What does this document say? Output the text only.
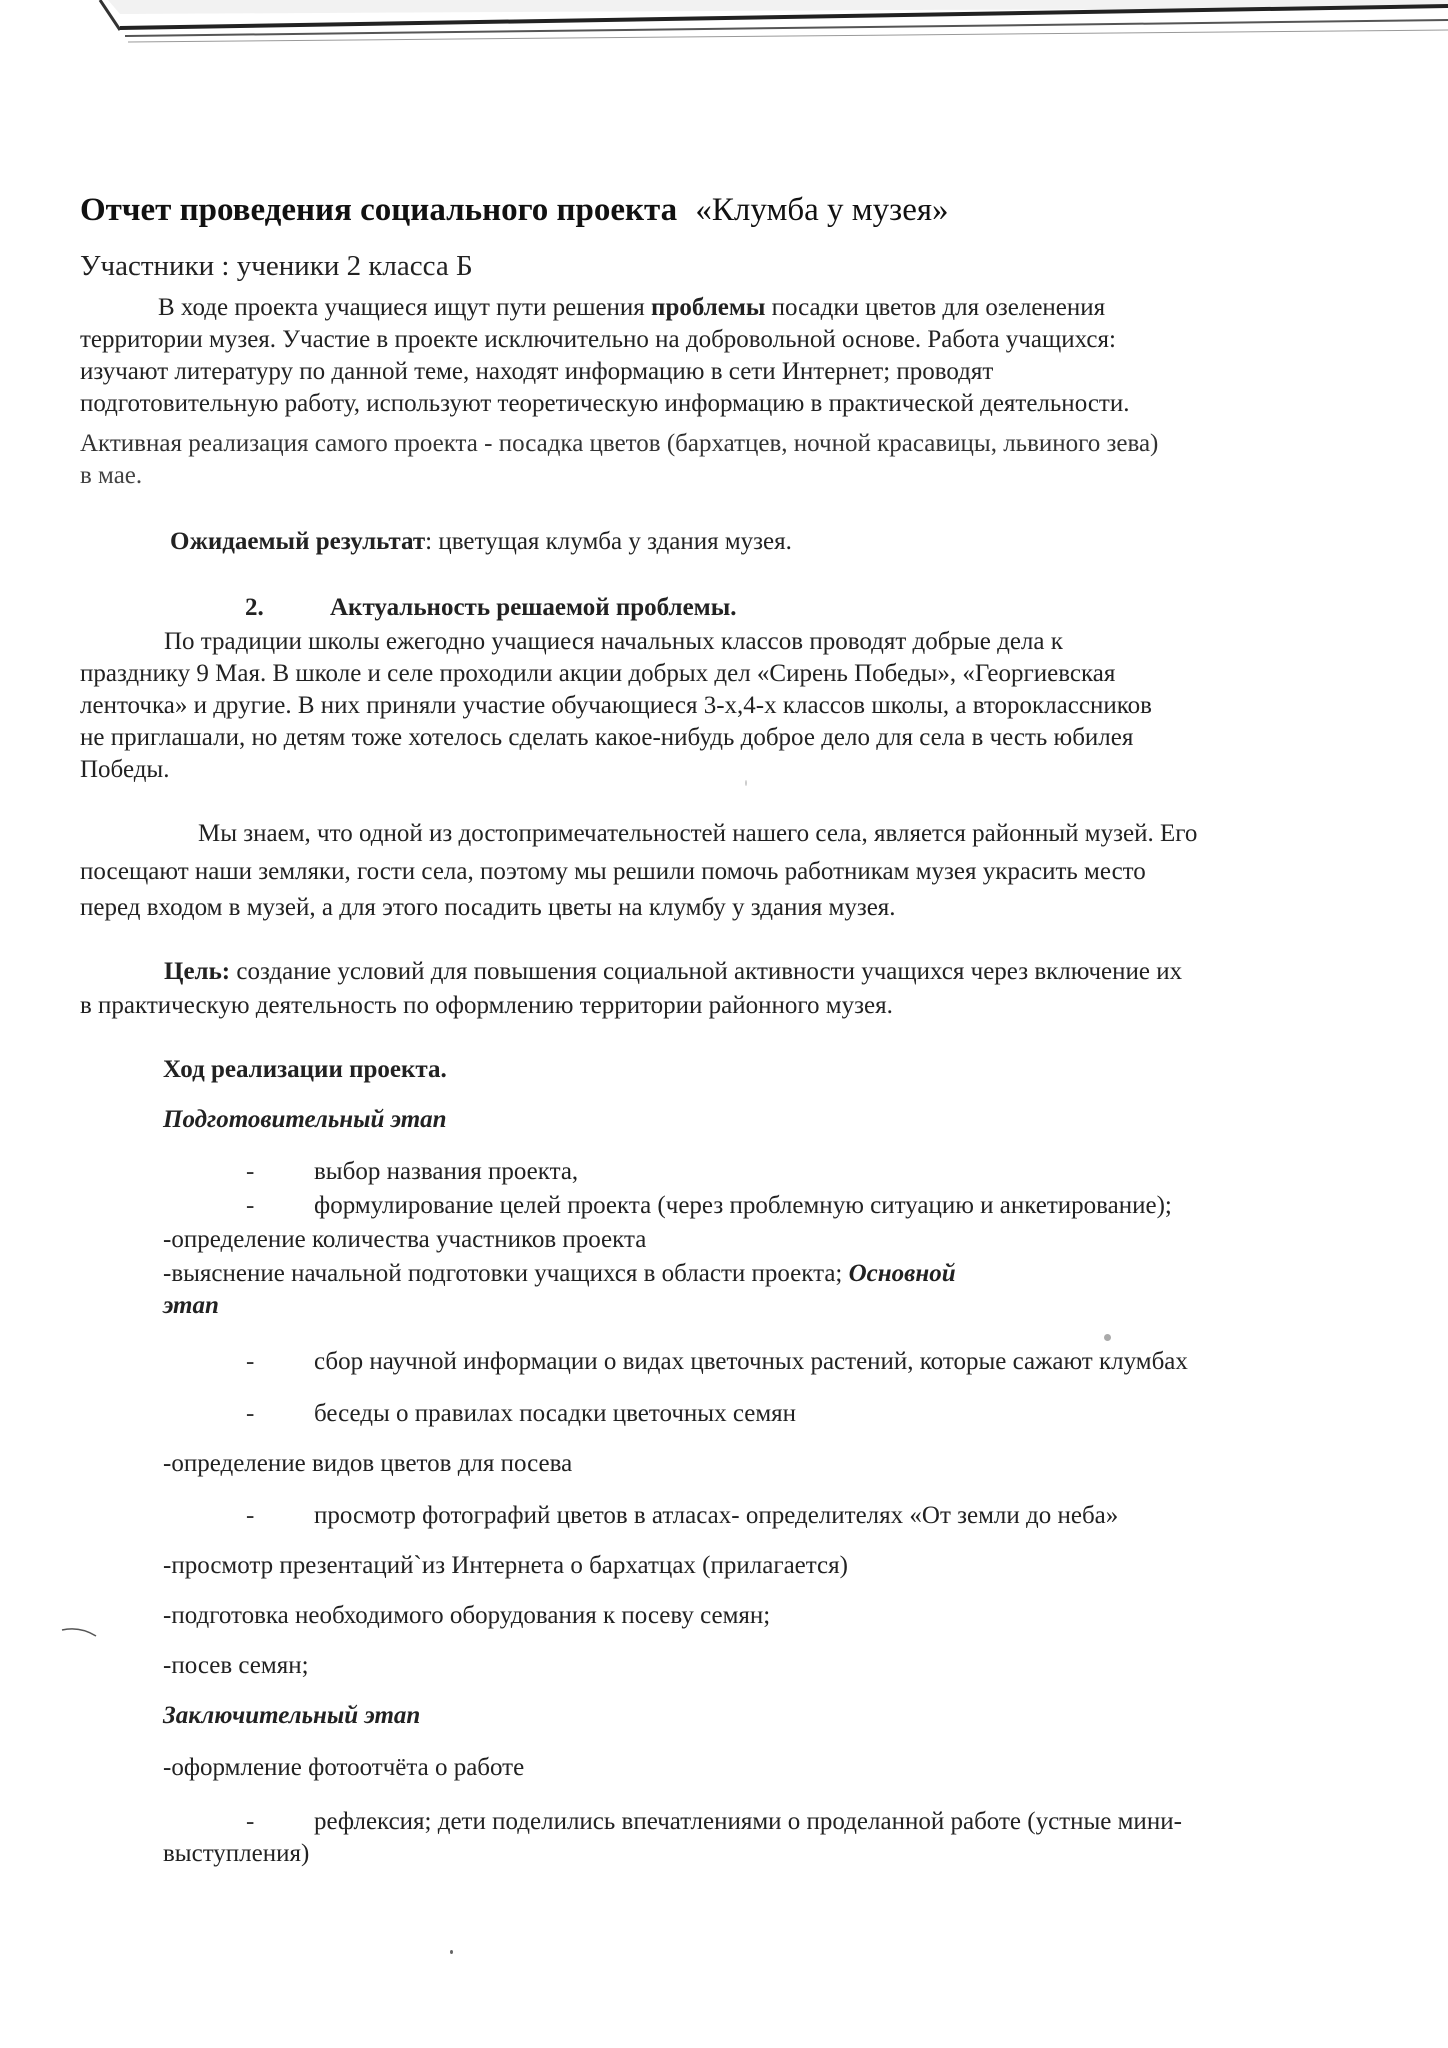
Отчет проведения социального проекта «Клумба у музея»
Участники : ученики 2 класса Б
В ходе проекта учащиеся ищут пути решения проблемы посадки цветов для озеленения
территории музея. Участие в проекте исключительно на добровольной основе. Работа учащихся:
изучают литературу по данной теме, находят информацию в сети Интернет; проводят
подготовительную работу, используют теоретическую информацию в практической деятельности.
Активная реализация самого проекта - посадка цветов (бархатцев, ночной красавицы, львиного зева)
в мае.
Ожидаемый результат: цветущая клумба у здания музея.
2.	Актуальность решаемой проблемы.
По традиции школы ежегодно учащиеся начальных классов проводят добрые дела к
празднику 9 Мая. В школе и селе проходили акции добрых дел «Сирень Победы», «Георгиевская
ленточка» и другие. В них приняли участие обучающиеся 3-х,4-х классов школы, а второклассников
не приглашали, но детям тоже хотелось сделать какое-нибудь доброе дело для села в честь юбилея
Победы.
Мы знаем, что одной из достопримечательностей нашего села, является районный музей. Его
посещают наши земляки, гости села, поэтому мы решили помочь работникам музея украсить место
перед входом в музей, а для этого посадить цветы на клумбу у здания музея.
Цель: создание условий для повышения социальной активности учащихся через включение их
в практическую деятельность по оформлению территории районного музея.
Ход реализации проекта.
Подготовительный этап
- выбор названия проекта,
- формулирование целей проекта (через проблемную ситуацию и анкетирование);
-определение количества участников проекта
-выяснение начальной подготовки учащихся в области проекта; Основной
этап
- сбор научной информации о видах цветочных растений, которые сажают клумбах
- беседы о правилах посадки цветочных семян
-определение видов цветов для посева
- просмотр фотографий цветов в атласах- определителях «От земли до неба»
-просмотр презентаций`из Интернета о бархатцах (прилагается)
-подготовка необходимого оборудования к посеву семян;
-посев семян;
Заключительный этап
-оформление фотоотчёта о работе
- рефлексия; дети поделились впечатлениями о проделанной работе (устные мини-
выступления)
